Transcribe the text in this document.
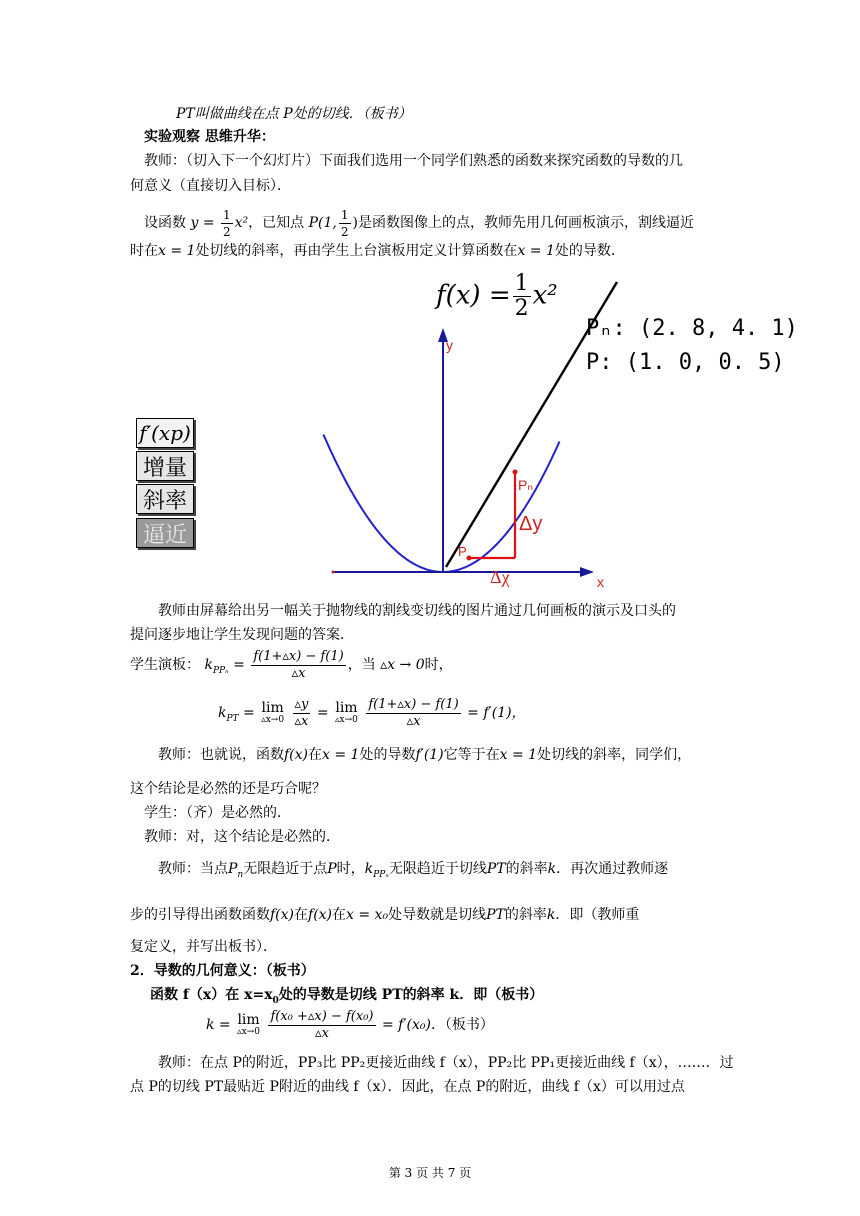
PT叫做曲线在点 P处的切线．（板书）
实验观察 思维升华：
教师：（切入下一个幻灯片）下面我们选用一个同学们熟悉的函数来探究函数的导数的几
何意义（直接切入目标）．
设函数 $y = \frac{1}{2} x^2$，已知点 P(1, $\frac{1}{2}$ )是函数图像上的点，教师先用几何画板演示，割线逼近
时在x = 1处切线的斜率，再由学生上台演板用定义计算函数在x = 1处的导数．
f′(xp)
增量
斜率
逼近
y
x
Pₙ
P
Δy
Δχ
$f(x) = \frac{1}{2} x^2$
Pₙ: (2. 8, 4. 1)
P: (1. 0, 0. 5)
教师由屏幕给出另一幅关于抛物线的割线变切线的图片通过几何画板的演示及口头的
提问逐步地让学生发现问题的答案．
学生演板： $k_{PP_n} = \frac{f(1+▵x) - f(1)}{▵x}$ ，当 ▵x → 0时，
$k_{PT} = \lim$
▵x→0
$\frac{▵y}{▵x} = \lim$
▵x→0
$\frac{f(1+▵x) - f(1)}{▵x} = f'(1)$，
教师：也就说，函数f(x)在x = 1处的导数f′(1)它等于在x = 1处切线的斜率，同学们，
这个结论是必然的还是巧合呢？
学生：（齐）是必然的．
教师：对，这个结论是必然的．
教师：当点$P_n$无限趋近于点P时，$k_{PP_n}$无限趋近于切线PT的斜率k．再次通过教师逐
步的引导得出函数函数f(x)在f(x)在x = x₀处导数就是切线PT的斜率k．即（教师重
复定义，并写出板书）．
2．导数的几何意义：（板书）
函数 f（x）在 $x=x_0$处的导数是切线 PT的斜率 k．即（板书）
k = lim
▵x→0
$\frac{\text{f(x₀ +▵x) − f(x₀)}}{▵x} = f'(x_0)$．（板书）
教师：在点 P的附近，PP₃比 PP₂更接近曲线 f（x），PP₂比 PP₁更接近曲线 f（x），……．过
点 P的切线 PT最贴近 P附近的曲线 f（x）．因此，在点 P的附近，曲线 f（x）可以用过点
第 3 页 共 7 页
